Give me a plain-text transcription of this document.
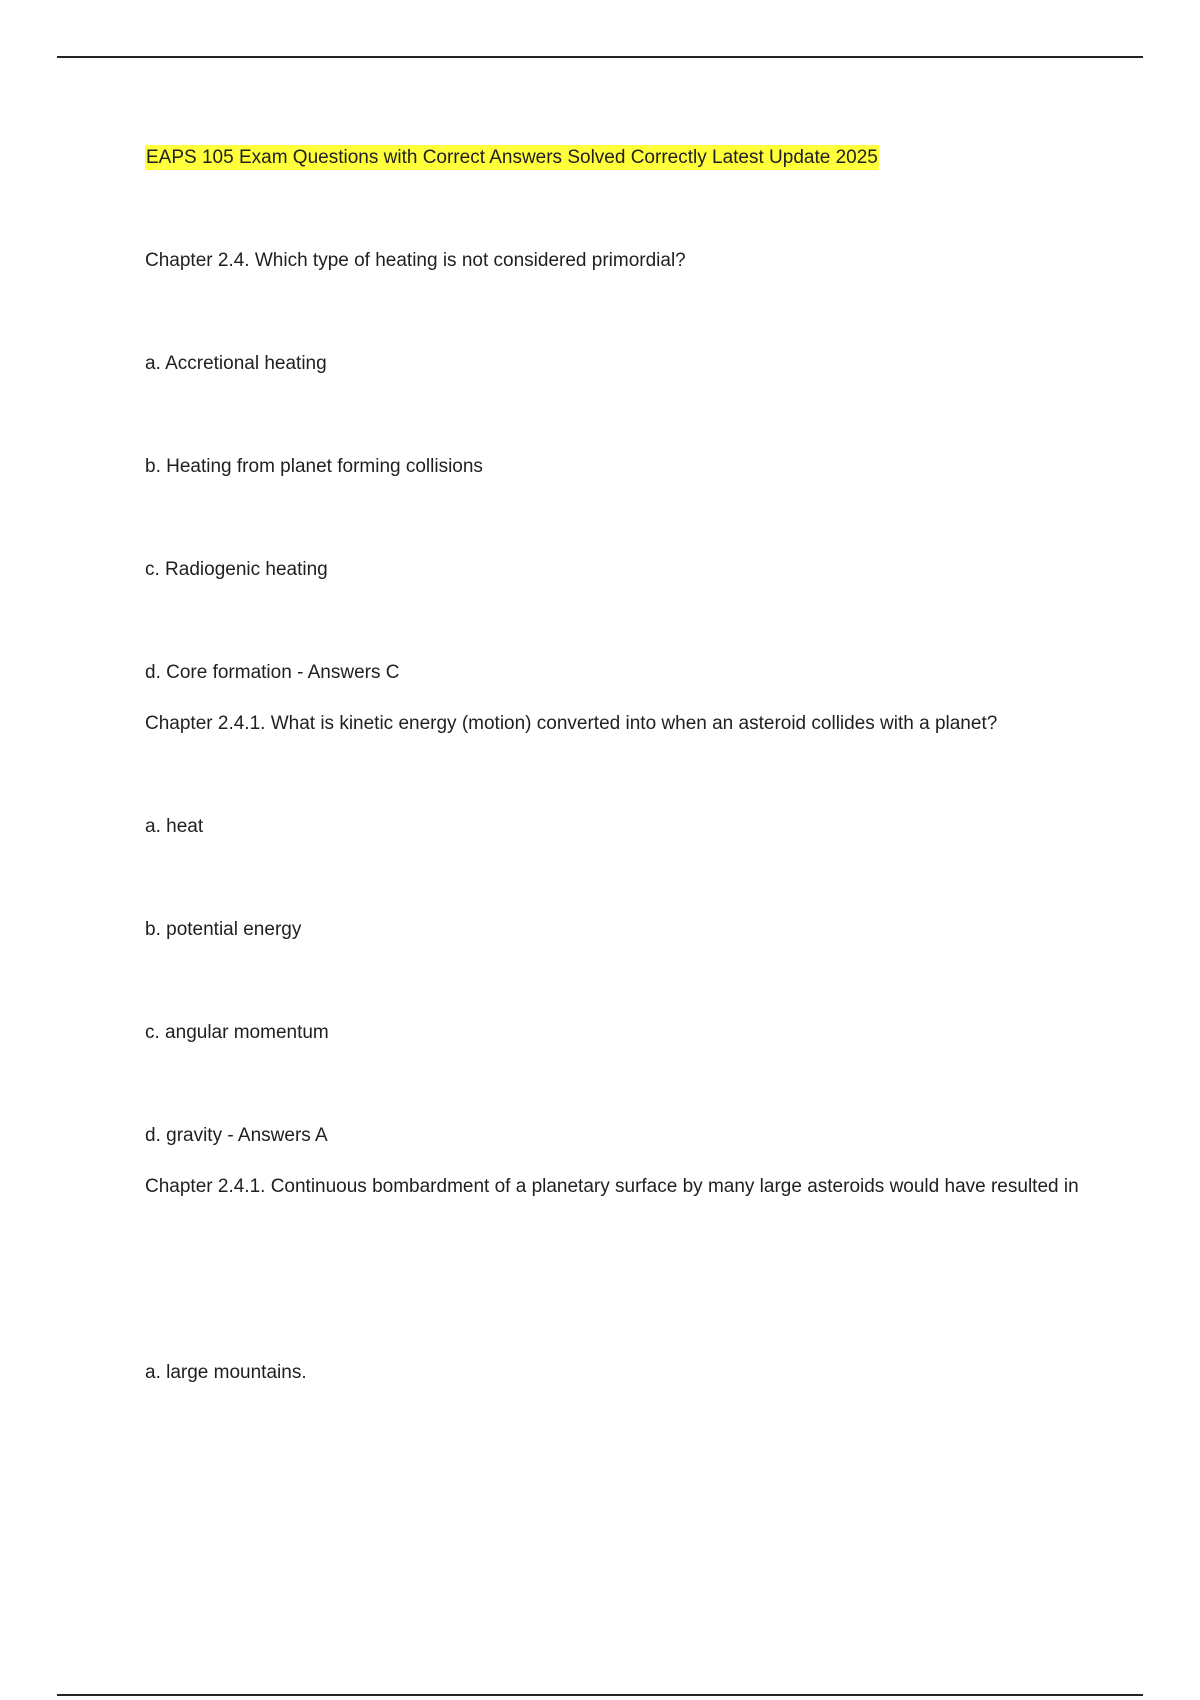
EAPS 105 Exam Questions with Correct Answers Solved Correctly Latest Update 2025
Chapter 2.4. Which type of heating is not considered primordial?
a. Accretional heating
b. Heating from planet forming collisions
c. Radiogenic heating
d. Core formation - Answers C
Chapter 2.4.1. What is kinetic energy (motion) converted into when an asteroid collides with a planet?
a. heat
b. potential energy
c. angular momentum
d. gravity - Answers A
Chapter 2.4.1. Continuous bombardment of a planetary surface by many large asteroids would have resulted in
a. large mountains.
